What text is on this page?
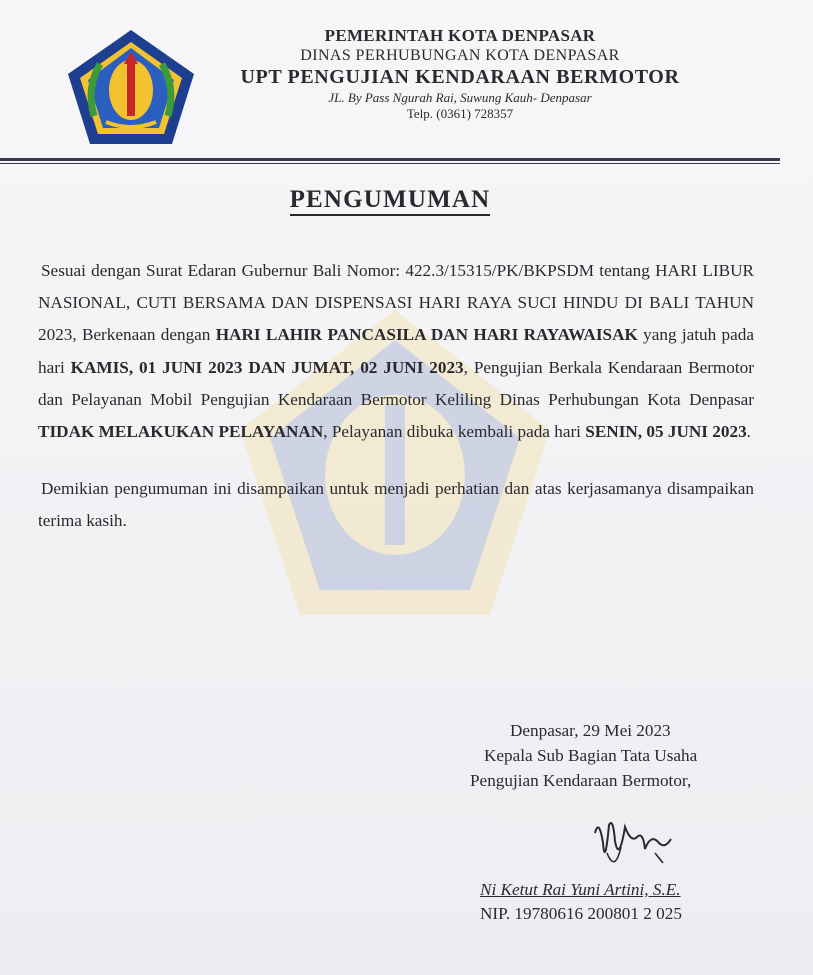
PEMERINTAH KOTA DENPASAR
DINAS PERHUBUNGAN KOTA DENPASAR
UPT PENGUJIAN KENDARAAN BERMOTOR
JL. By Pass Ngurah Rai, Suwung Kauh- Denpasar
Telp. (0361) 728357
PENGUMUMAN

Sesuai dengan Surat Edaran Gubernur Bali Nomor: 422.3/15315/PK/BKPSDM tentang HARI LIBUR NASIONAL, CUTI BERSAMA DAN DISPENSASI HARI RAYA SUCI HINDU DI BALI TAHUN 2023, Berkenaan dengan HARI LAHIR PANCASILA DAN HARI RAYAWAISAK yang jatuh pada hari KAMIS, 01 JUNI 2023 DAN JUMAT, 02 JUNI 2023, Pengujian Berkala Kendaraan Bermotor dan Pelayanan Mobil Pengujian Kendaraan Bermotor Keliling Dinas Perhubungan Kota Denpasar TIDAK MELAKUKAN PELAYANAN, Pelayanan dibuka kembali pada hari SENIN, 05 JUNI 2023.

Demikian pengumuman ini disampaikan untuk menjadi perhatian dan atas kerjasamanya disampaikan terima kasih.

Denpasar, 29 Mei 2023
Kepala Sub Bagian Tata Usaha
Pengujian Kendaraan Bermotor,
Ni Ketut Rai Yuni Artini, S.E.
NIP. 19780616 200801 2 025
